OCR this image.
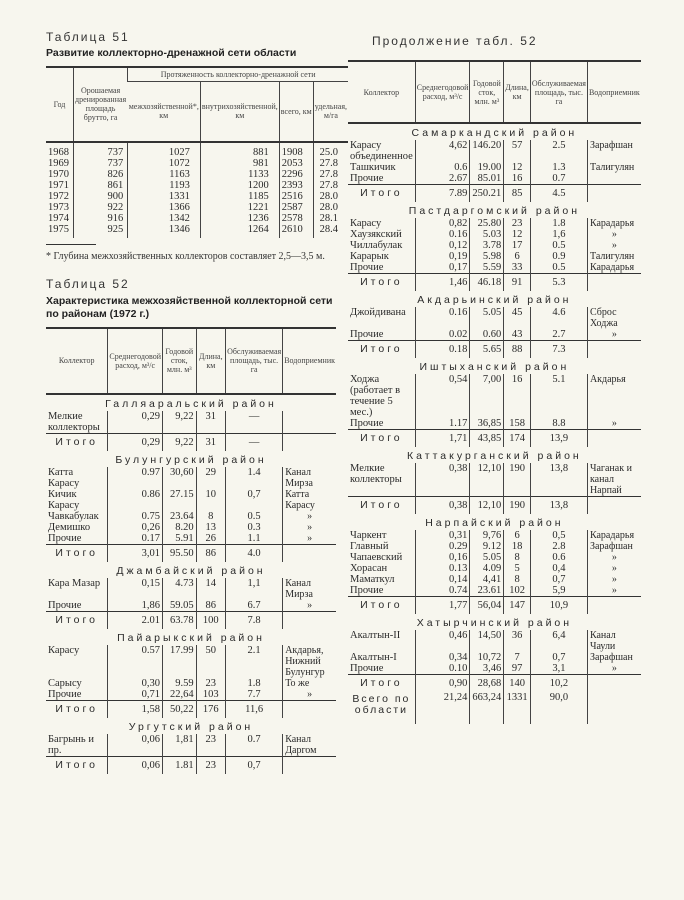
Таблица 51
Развитие коллекторно-дренажной сети области
Год	Орошаемая дренированная площадь брутто, га	Протяженность коллекторно-дренажной сети			
		межхозяйственной*, км	внутрихозяйственной, км	всего, км	удельная, м/га
1968	737	1027	881	1908	25.0
1969	737	1072	981	2053	27.8
1970	826	1163	1133	2296	27.8
1971	861	1193	1200	2393	27.8
1972	900	1331	1185	2516	28.0
1973	922	1366	1221	2587	28.0
1974	916	1342	1236	2578	28.1
1975	925	1346	1264	2610	28.4
* Глубина межхозяйственных коллекторов составляет 2,5—3,5 м.
Таблица 52
Характеристика межхозяйственной коллекторной сети по районам (1972 г.)
Коллектор	Среднегодовой расход, м³/с	Годовой сток, млн. м³	Длина, км	Обслуживаемая площадь, тыс. га	Водоприемник
Галляаральский район					
Мелкие коллекторы	0,29	9,22	31	—	
Итого	0,29	9,22	31	—	
Булунгурский район					
Катта Карасу	0.97	30,60	29	1.4	Канал Мирза
Кичик Карасу	0.86	27.15	10	0,7	Катта Карасу
Чавкабулак	0.75	23.64	8	0.5	»
Демишко	0,26	8.20	13	0.3	»
Прочие	0.17	5.91	26	1.1	»
Итого	3,01	95.50	86	4.0	
Джамбайский район					
Кара Мазар	0,15	4.73	14	1,1	Канал Мирза
Прочие	1,86	59.05	86	6.7	»
Итого	2.01	63.78	100	7.8	
Пайарыкский район					
Карасу	0.57	17.99	50	2.1	Акдарья, Нижний Булунгур
Сарысу	0,30	9.59	23	1.8	То же
Прочие	0,71	22,64	103	7.7	»
Итого	1,58	50,22	176	11,6	
Ургутский район					
Багрынь и пр.	0,06	1,81	23	0.7	Канал Даргом
Итого	0,06	1.81	23	0,7	
Продолжение табл. 52
Коллектор	Среднегодовой расход, м³/с	Годовой сток, млн. м³	Длина, км	Обслуживаемая площадь, тыс. га	Водоприемник
Самаркандский район					
Карасу объединенное	4,62	146.20	57	2.5	Зарафшан
Ташкичик	0.6	19.00	12	1.3	Талигулян
Прочие	2.67	85.01	16	0.7	
Итого	7.89	250.21	85	4.5	
Пастдаргомский район					
Карасу	0,82	25.80	23	1.8	Карадарья
Хаузякский	0.16	5.03	12	1,6	»
Чиллабулак	0,12	3.78	17	0.5	»
Карарык	0,19	5.98	6	0.9	Талигулян
Прочие	0,17	5.59	33	0.5	Карадарья
Итого	1,46	46.18	91	5.3	
Акдарьинский район					
Джойдивана	0.16	5.05	45	4.6	Сброс Ходжа
Прочие	0.02	0.60	43	2.7	»
Итого	0.18	5.65	88	7.3	
Иштыханский район					
Ходжа (работает в течение 5 мес.)	0,54	7,00	16	5.1	Акдарья
Прочие	1.17	36,85	158	8.8	»
Итого	1,71	43,85	174	13,9	
Каттакурганский район					
Мелкие коллекторы	0,38	12,10	190	13,8	Чаганак и канал Нарпай
Итого	0,38	12,10	190	13,8	
Нарпайский район					
Чаркент	0,31	9,76	6	0,5	Карадарья
Главный	0.29	9.12	18	2.8	Зарафшан
Чапаевский	0,16	5.05	8	0.6	»
Хорасан	0.13	4.09	5	0,4	»
Маматкул	0,14	4,41	8	0,7	»
Прочие	0.74	23.61	102	5,9	»
Итого	1,77	56,04	147	10,9	
Хатырчинский район					
Акалтын-II	0,46	14,50	36	6,4	Канал Чаули
Акалтын-I	0,34	10,72	7	0,7	Зарафшан
Прочие	0.10	3,46	97	3,1	»
Итого	0,90	28,68	140	10,2	
Всего по области	21,24	663,24	1331	90,0	
